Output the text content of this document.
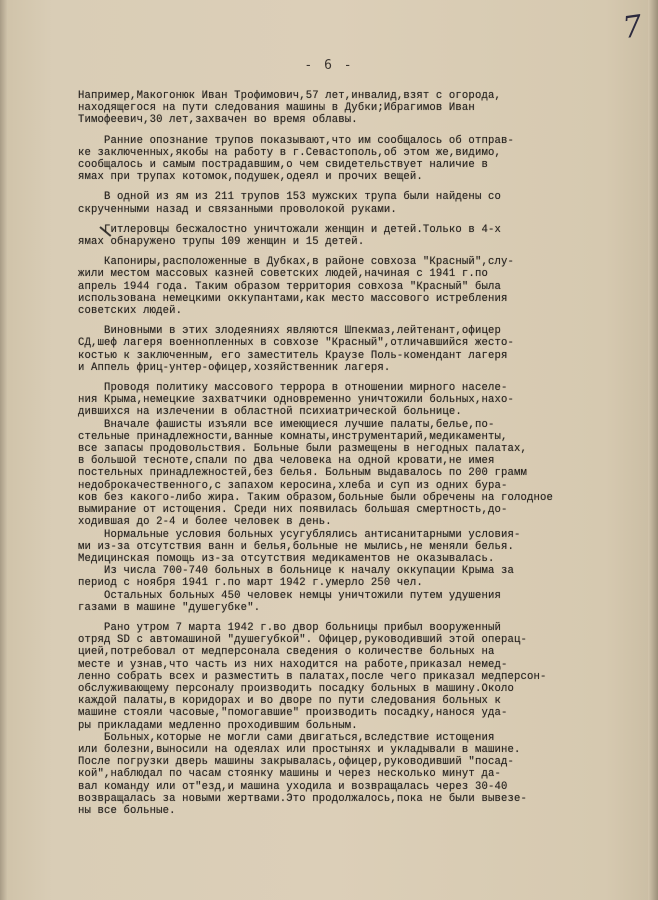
7
- 6 -
Например,Макогонюк Иван Трофимович,57 лет,инвалид,взят с огорода,
находящегося на пути следования машины в Дубки;Ибрагимов Иван
Тимофеевич,30 лет,захвачен во время облавы.
Ранние опознание трупов показывают,что им сообщалось об отправ-
ке заключенных,якобы на работу в г.Севастополь,об этом же,видимо,
сообщалось и самым пострадавшим,о чем свидетельствует наличие в
ямах при трупах котомок,подушек,одеял и прочих вещей.
В одной из ям из 211 трупов 153 мужских трупа были найдены со
скрученными назад и связанными проволокой руками.
Гитлеровцы бесжалостно уничтожали женщин и детей.Только в 4-х
ямах обнаружено трупы 109 женщин и 15 детей.
Капониры,расположенные в Дубках,в районе совхоза "Красный",слу-
жили местом массовых казней советских людей,начиная с 1941 г.по
апрель 1944 года. Таким образом территория совхоза "Красный" была
использована немецкими оккупантами,как место массового истребления
советских людей.
Виновными в этих злодеяниях являются Шпекмаз,лейтенант,офицер
СД,шеф лагеря военнопленных в совхозе "Красный",отличавшийся жесто-
костью к заключенным, его заместитель Краузе Поль-комендант лагеря
и Аппель фриц-унтер-офицер,хозяйственник лагеря.
Проводя политику массового террора в отношении мирного населе-
ния Крыма,немецкие захватчики одновременно уничтожили больных,нахо-
дившихся на излечении в областной психиатрической больнице.
Вначале фашисты изъяли все имеющиеся лучшие палаты,белье,по-
стельные принадлежности,ванные комнаты,инструментарий,медикаменты,
все запасы продовольствия. Больные были размещены в негодных палатах,
в большой тесноте,спали по два человека на одной кровати,не имея
постельных принадлежностей,без белья. Больным выдавалось по 200 грамм
недоброкачественного,с запахом керосина,хлеба и суп из одних бура-
ков без какого-либо жира. Таким образом,больные были обречены на голодное
вымирание от истощения. Среди них появилась большая смертность,до-
ходившая до 2-4 и более человек в день.
Нормальные условия больных усугублялись антисанитарными условия-
ми из-за отсутствия ванн и белья,больные не мылись,не меняли белья.
Медицинская помощь из-за отсутствия медикаментов не оказывалась.
Из числа 700-740 больных в больнице к началу оккупации Крыма за
период с ноября 1941 г.по март 1942 г.умерло 250 чел.
Остальных больных 450 человек немцы уничтожили путем удушения
газами в машине "душегубке".
Рано утром 7 марта 1942 г.во двор больницы прибыл вооруженный
отряд SD с автомашиной "душегубкой". Офицер,руководивший этой операц-
цией,потребовал от медперсонала сведения о количестве больных на
месте и узнав,что часть из них находится на работе,приказал немед-
ленно собрать всех и разместить в палатах,после чего приказал медперсон-
обслуживающему персоналу производить посадку больных в машину.Около
каждой палаты,в коридорах и во дворе по пути следования больных к
машине стояли часовые,"помогавшие" производить посадку,нанося уда-
ры прикладами медленно проходившим больным.
Больных,которые не могли сами двигаться,вследствие истощения
или болезни,выносили на одеялах или простынях и укладывали в машине.
После погрузки дверь машины закрывалась,офицер,руководивший "посад-
кой",наблюдал по часам стоянку машины и через несколько минут да-
вал команду или от"езд,и машина уходила и возвращалась через 30-40
возвращалась за новыми жертвами.Это продолжалось,пока не были вывезе-
ны все больные.
